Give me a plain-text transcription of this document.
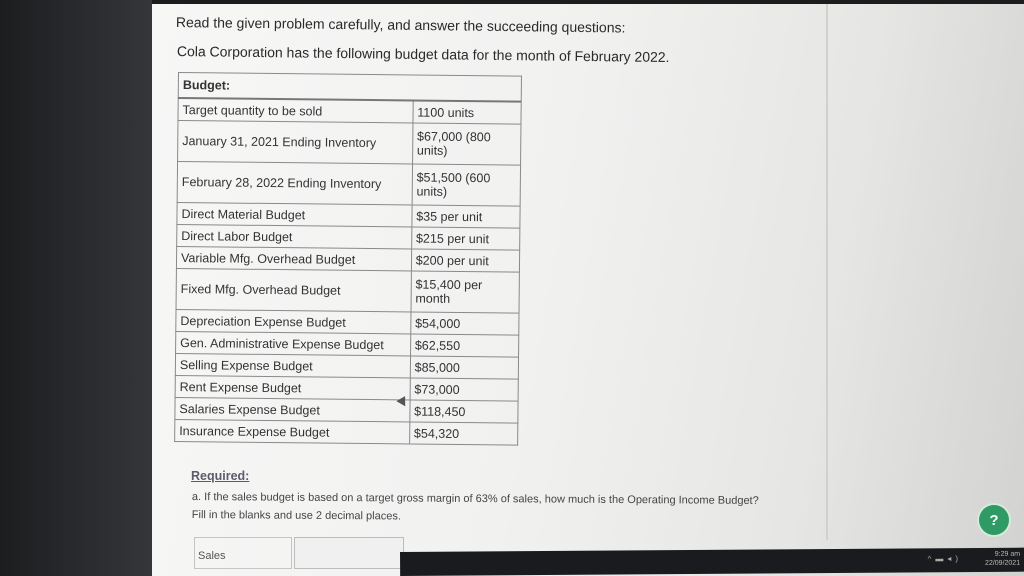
Read the given problem carefully, and answer the succeeding questions:
Cola Corporation has the following budget data for the month of February 2022.
Budget:	
Target quantity to be sold	1100 units
January 31, 2021 Ending Inventory	$67,000 (800 units)
February 28, 2022 Ending Inventory	$51,500 (600 units)
Direct Material Budget	$35 per unit
Direct Labor Budget	$215 per unit
Variable Mfg. Overhead Budget	$200 per unit
Fixed Mfg. Overhead Budget	$15,400 per month
Depreciation Expense Budget	$54,000
Gen. Administrative Expense Budget	$62,550
Selling Expense Budget	$85,000
Rent Expense Budget	$73,000
Salaries Expense Budget	$118,450
Insurance Expense Budget	$54,320
Required:
a. If the sales budget is based on a target gross margin of 63% of sales, how much is the Operating Income Budget? Fill in the blanks and use 2 decimal places.
Sales
?
^▬◂)	9:29 am
22/09/2021
